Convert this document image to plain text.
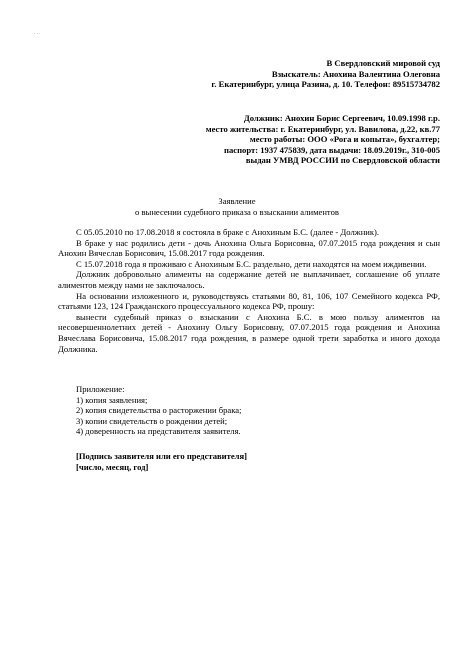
...
В Свердловский мировой суд
Взыскатель: Анохина Валентина Олеговна
г. Екатеринбург, улица Разина, д. 10. Телефон: 89515734782
Должник: Анохин Борис Сергеевич, 10.09.1998 г.р.
место жительства: г. Екатеринбург, ул. Вавилова, д.22, кв.77
место работы: ООО «Рога и копыта», бухгалтер;
паспорт: 1937 475839, дата выдачи: 18.09.2019г., 310-005
выдан УМВД РОССИИ по Свердловской области
Заявление
о вынесении судебного приказа о взыскании алиментов

С 05.05.2010 по 17.08.2018 я состояла в браке с Анохиным Б.С. (далее - Должник).

В браке у нас родились дети - дочь Анохина Ольга Борисовна, 07.07.2015 года рождения и сын Анохин Вячеслав Борисович, 15.08.2017 года рождения.

С 15.07.2018 года я проживаю с Анохиным Б.С. раздельно, дети находятся на моем иждивении.

Должник добровольно алименты на содержание детей не выплачивает, соглашение об уплате алиментов между нами не заключалось.

На основании изложенного и, руководствуясь статьями 80, 81, 106, 107 Семейного кодекса РФ, статьями 123, 124 Гражданского процессуального кодекса РФ, прошу:

вынести судебный приказ о взыскании с Анохина Б.С. в мою пользу алиментов на несовершеннолетних детей - Анохину Ольгу Борисовну, 07.07.2015 года рождения и Анохина Вячеслава Борисовича, 15.08.2017 года рождения, в размере одной трети заработка и иного дохода Должника.

Приложение:
1) копия заявления;
2) копия свидетельства о расторжении брака;
3) копии свидетельств о рождении детей;
4) доверенность на представителя заявителя.
[Подпись заявителя или его представителя]
[число, месяц, год]
